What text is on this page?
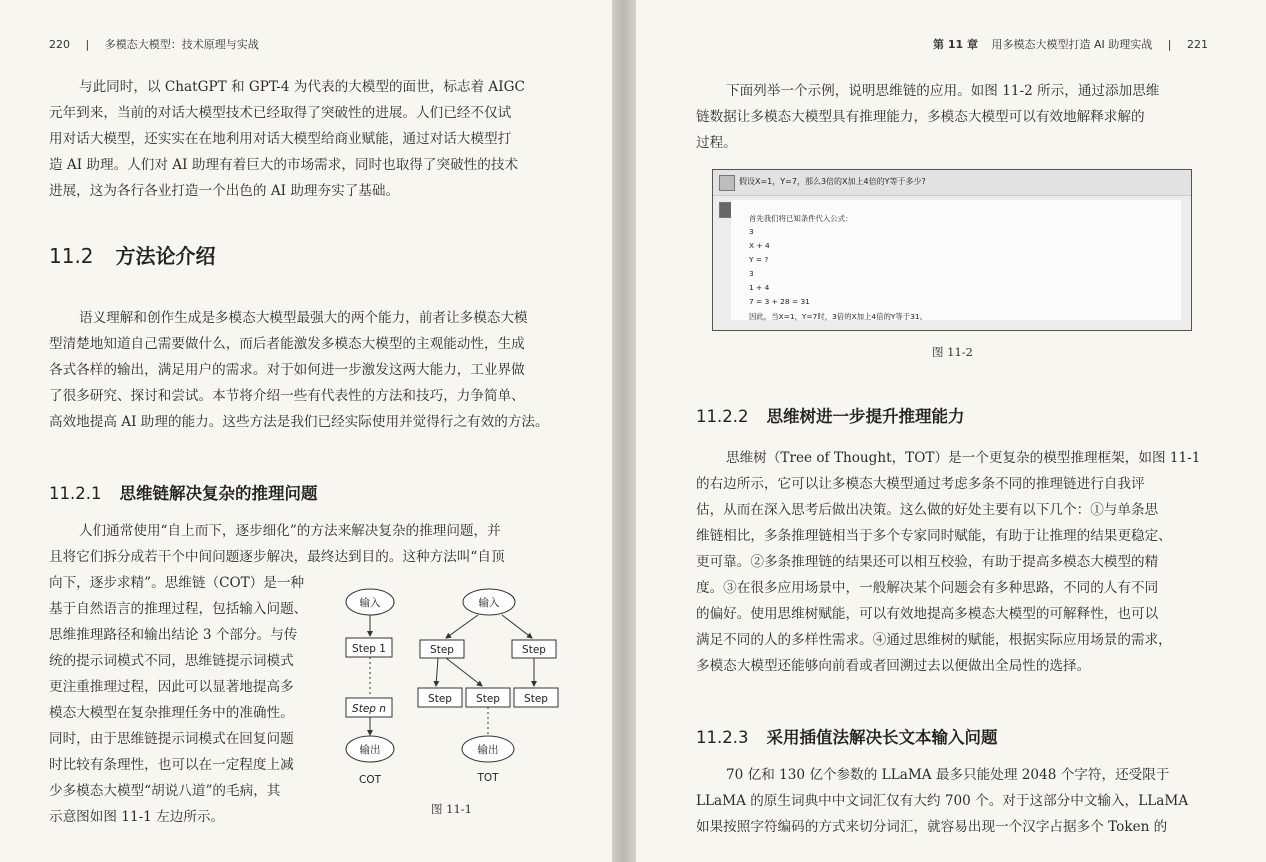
220 | 多模态大模型：技术原理与实战
与此同时，以 ChatGPT 和 GPT-4 为代表的大模型的面世，标志着 AIGC
元年到来，当前的对话大模型技术已经取得了突破性的进展。人们已经不仅试
用对话大模型，还实实在在地利用对话大模型给商业赋能，通过对话大模型打
造 AI 助理。人们对 AI 助理有着巨大的市场需求，同时也取得了突破性的技术
进展，这为各行各业打造一个出色的 AI 助理夯实了基础。
11.2 方法论介绍
语义理解和创作生成是多模态大模型最强大的两个能力，前者让多模态大模
型清楚地知道自己需要做什么，而后者能激发多模态大模型的主观能动性，生成
各式各样的输出，满足用户的需求。对于如何进一步激发这两大能力，工业界做
了很多研究、探讨和尝试。本节将介绍一些有代表性的方法和技巧，力争简单、
高效地提高 AI 助理的能力。这些方法是我们已经实际使用并觉得行之有效的方法。
11.2.1 思维链解决复杂的推理问题
人们通常使用“自上而下，逐步细化”的方法来解决复杂的推理问题，并
且将它们拆分成若干个中间问题逐步解决，最终达到目的。这种方法叫“自顶
向下，逐步求精”。思维链（COT）是一种
基于自然语言的推理过程，包括输入问题、
思维推理路径和输出结论 3 个部分。与传
统的提示词模式不同，思维链提示词模式
更注重推理过程，因此可以显著地提高多
模态大模型在复杂推理任务中的准确性。
同时，由于思维链提示词模式在回复问题
时比较有条理性，也可以在一定程度上减
少多模态大模型“胡说八道”的毛病，其
示意图如图 11-1 左边所示。
输入
Step 1
Step n
输出
COT
输入
Step	Step
Step Step Step
输出
TOT
图 11-1
第 11 章 用多模态大模型打造 AI 助理实战 | 221
下面列举一个示例，说明思维链的应用。如图 11-2 所示，通过添加思维
链数据让多模态大模型具有推理能力，多模态大模型可以有效地解释求解的
过程。
假设X=1，Y=7，那么3倍的X加上4倍的Y等于多少?
首先我们将已知条件代入公式：
3
X + 4
Y = ?
3
1 + 4
7 = 3 + 28 = 31
因此，当X=1，Y=7时，3倍的X加上4倍的Y等于31。
图 11-2
11.2.2 思维树进一步提升推理能力
思维树（Tree of Thought，TOT）是一个更复杂的模型推理框架，如图 11-1
的右边所示，它可以让多模态大模型通过考虑多条不同的推理链进行自我评
估，从而在深入思考后做出决策。这么做的好处主要有以下几个：①与单条思
维链相比，多条推理链相当于多个专家同时赋能，有助于让推理的结果更稳定、
更可靠。②多条推理链的结果还可以相互校验，有助于提高多模态大模型的精
度。③在很多应用场景中，一般解决某个问题会有多种思路，不同的人有不同
的偏好。使用思维树赋能，可以有效地提高多模态大模型的可解释性，也可以
满足不同的人的多样性需求。④通过思维树的赋能，根据实际应用场景的需求，
多模态大模型还能够向前看或者回溯过去以便做出全局性的选择。
11.2.3 采用插值法解决长文本输入问题
70 亿和 130 亿个参数的 LLaMA 最多只能处理 2048 个字符，还受限于
LLaMA 的原生词典中中文词汇仅有大约 700 个。对于这部分中文输入，LLaMA
如果按照字符编码的方式来切分词汇，就容易出现一个汉字占据多个 Token 的
